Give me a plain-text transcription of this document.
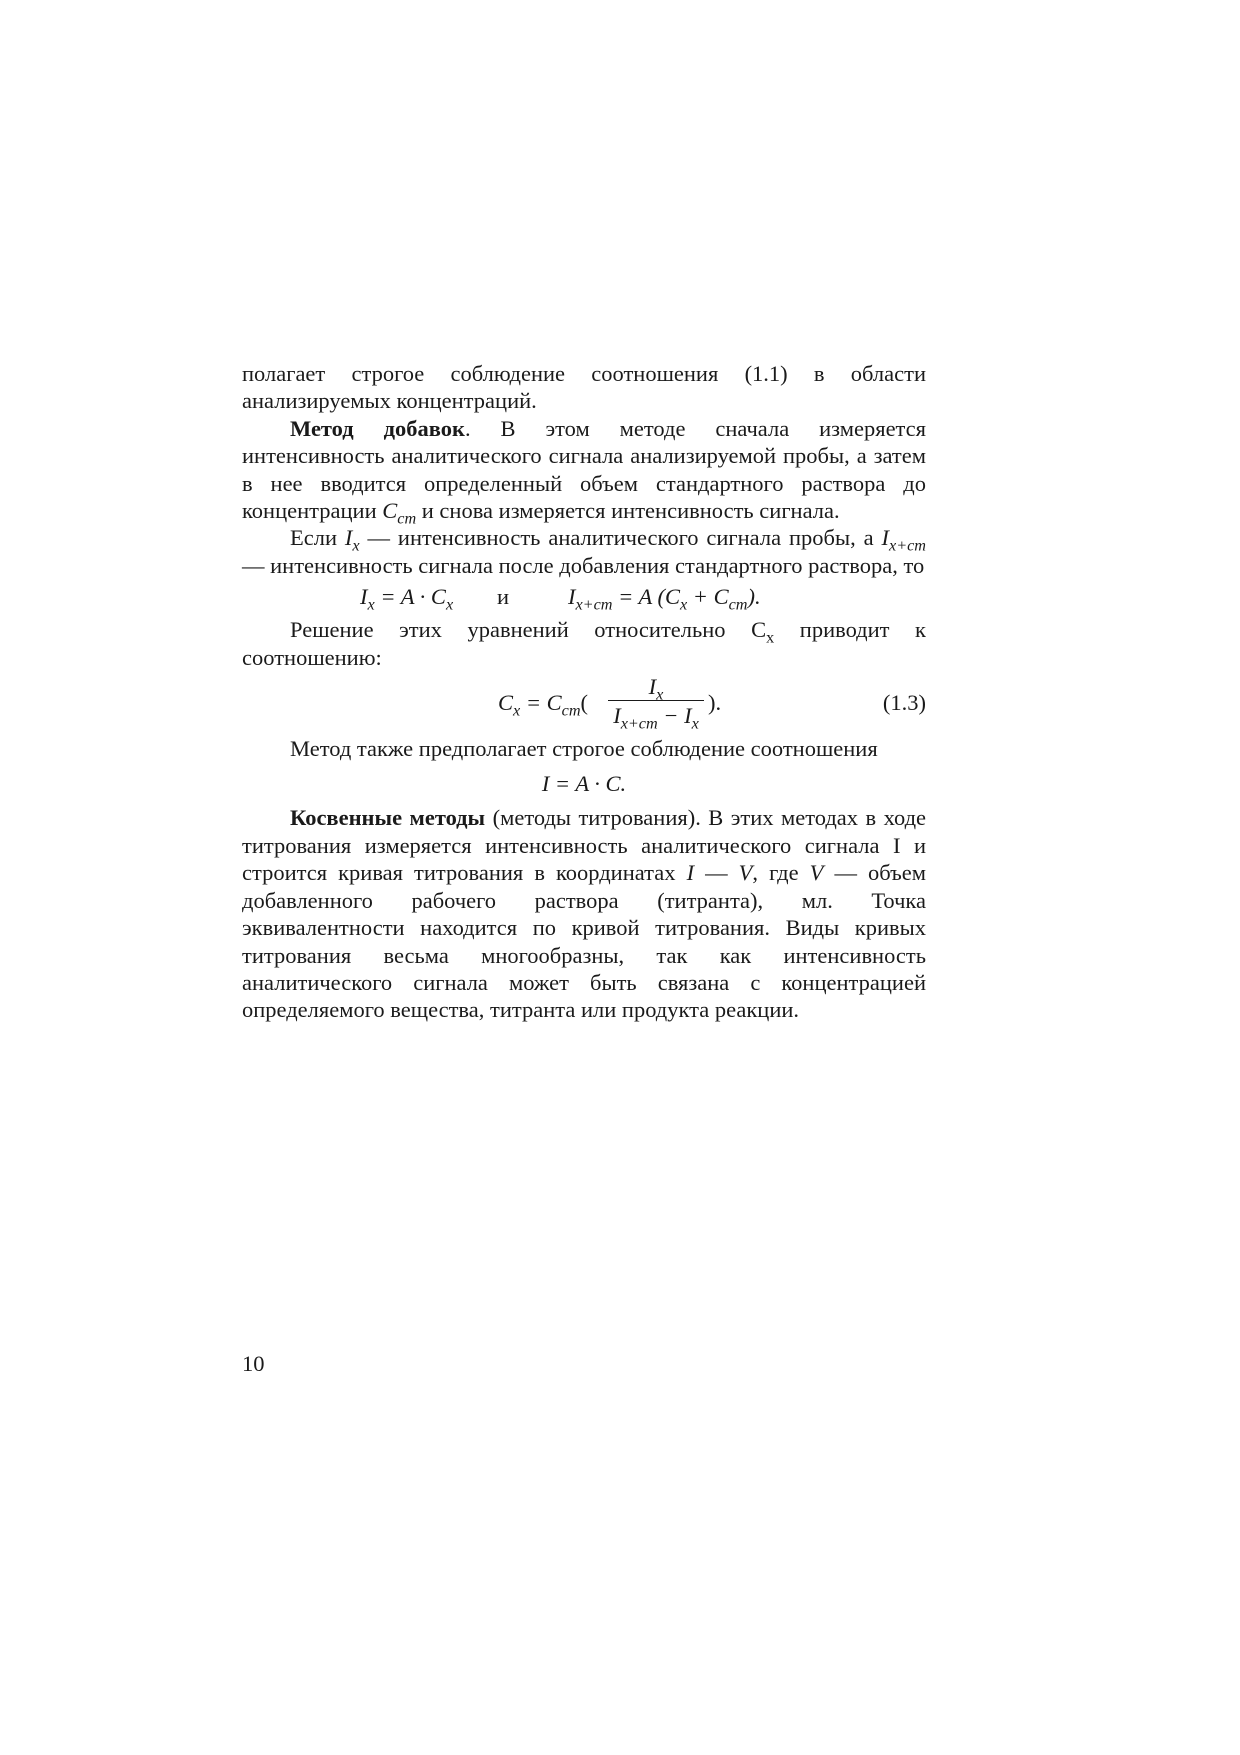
полагает строгое соблюдение соотношения (1.1) в области анализируемых концентраций.

Метод добавок. В этом методе сначала измеряется интенсивность аналитического сигнала анализируемой пробы, а затем в нее вводится определенный объем стандартного раствора до концентрации $C_{cm}$ и снова измеряется интенсивность сигнала.

Если $I_x$ — интенсивность аналитического сигнала пробы, а $I_{x+cm}$ — интенсивность сигнала после добавления стандартного раствора, то

$I_x = A \cdot C_x$ и	$I_{x+cm} = A$ $(C_x + C_{cm})$.

Решение этих уравнений относительно $C_x$ приводит к соотношению:

$C_x = C_{cm}$(
$I_x$
$I_{x+cm} - I_x$
).	(1.3)

Метод также предполагает строгое соблюдение соотношения

I = A · C.

Косвенные методы (методы титрования). В этих методах в ходе титрования измеряется интенсивность аналитического сигнала I и строится кривая титрования в координатах I — V, где V — объем добавленного рабочего раствора (титранта), мл. Точка эквивалентности находится по кривой титрования. Виды кривых титрования весьма многообразны, так как интенсивность аналитического сигнала может быть связана с концентрацией определяемого вещества, титранта или продукта реакции.

10
